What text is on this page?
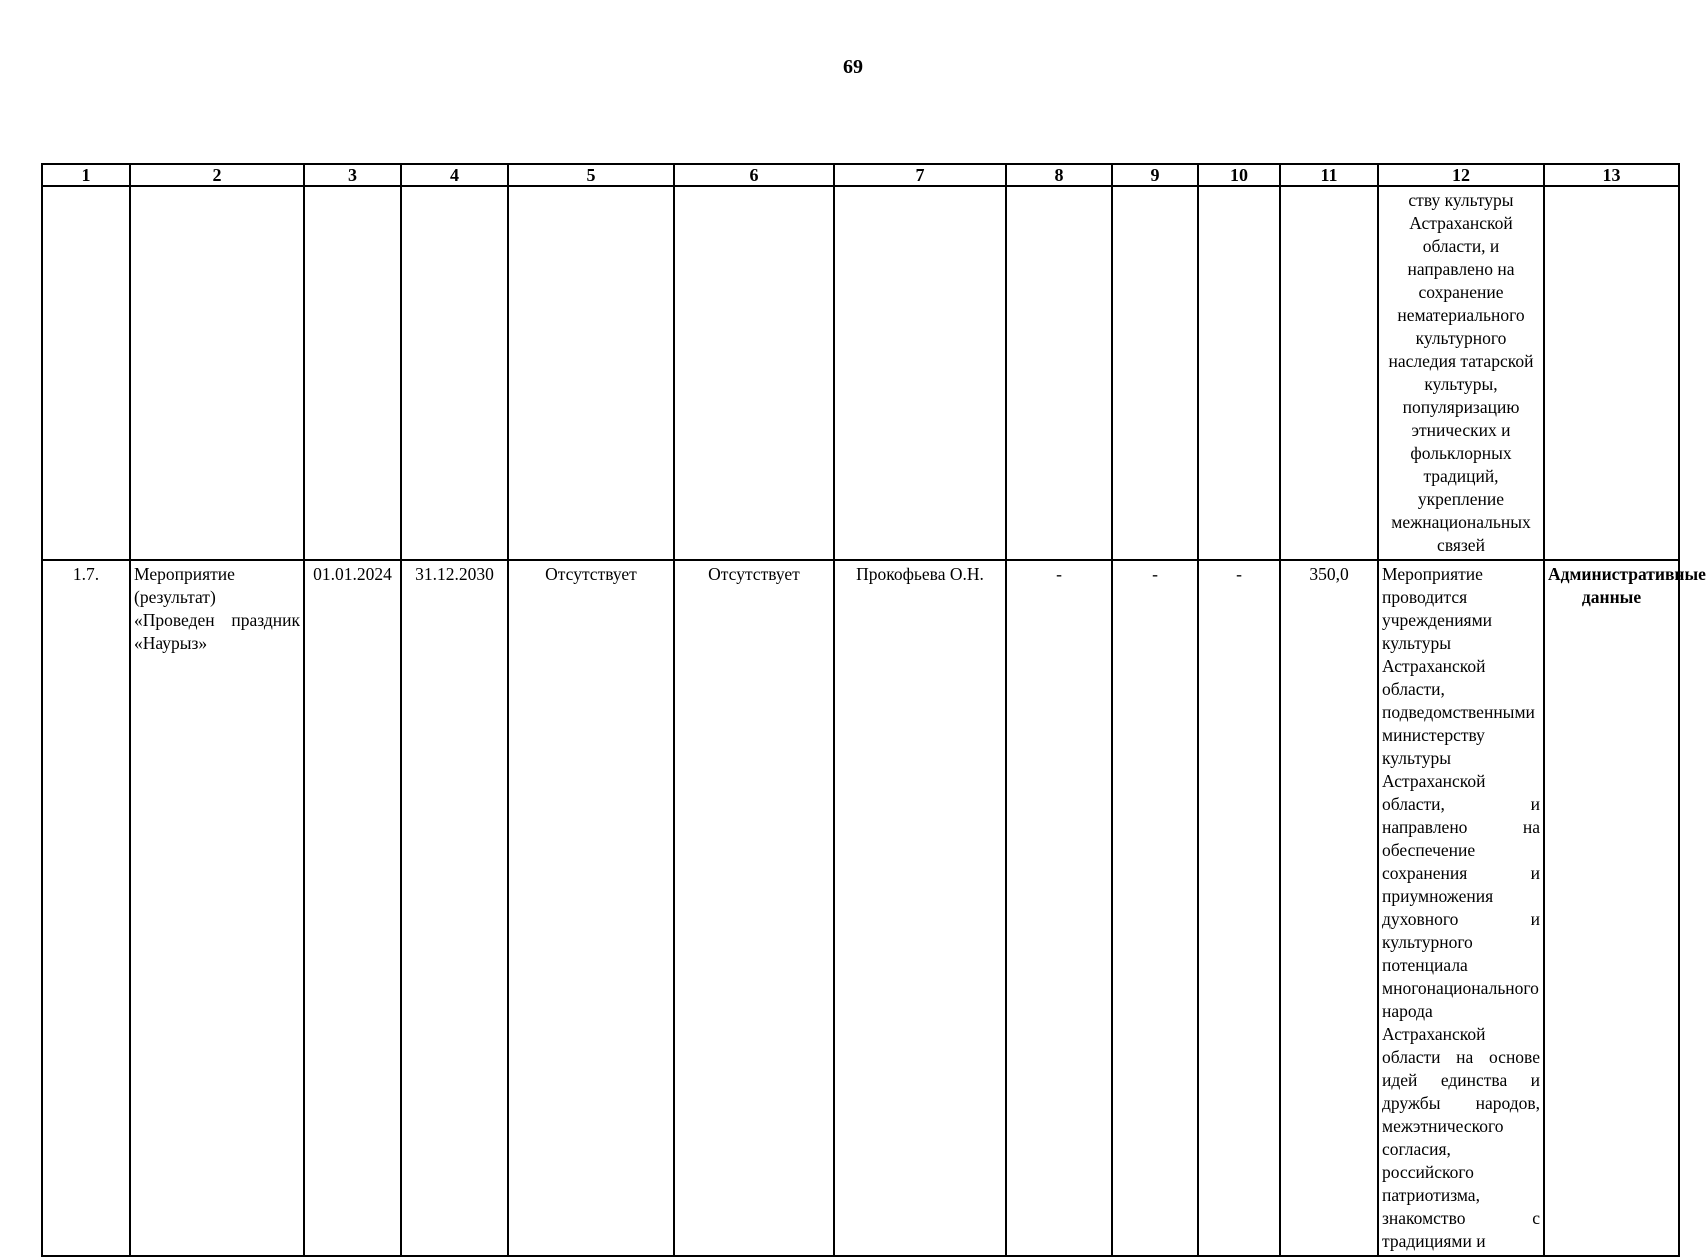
69
1	2	3	4	5	6	7	8	9	10	11	12	13
											ству культуры Астраханской области, и направлено на сохранение нематериального культурного наследия татарской культуры, популяризацию этнических и фольклорных традиций, укрепление межнациональных связей	
1.7.	Мероприятие (результат) «Проведен праздник «Наурыз»	01.01.2024	31.12.2030	Отсутствует	Отсутствует	Прокофьева О.Н.	-	-	-	350,0	Мероприятие проводится учреждениями культуры Астраханской области, подведомственными министерству культуры Астраханской области, и направлено на обеспечение сохранения и приумножения духовного и культурного потенциала многонационального народа Астраханской области на основе идей единства и дружбы народов, межэтнического согласия, российского патриотизма, знакомство с традициями и	Административные данные
